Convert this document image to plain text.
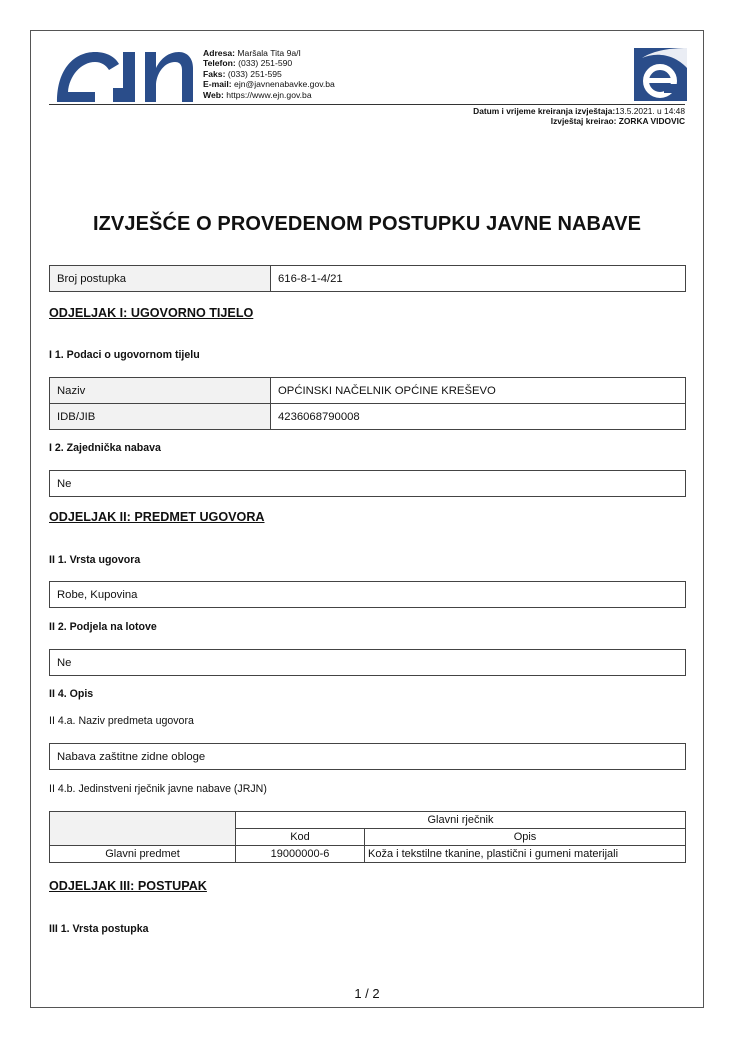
Adresa: Maršala Tita 9a/I
Telefon: (033) 251-590
Faks: (033) 251-595
E-mail: ejn@javnenabavke.gov.ba
Web: https://www.ejn.gov.ba
Datum i vrijeme kreiranja izvještaja:13.5.2021. u 14:48
Izvještaj kreirao: ZORKA VIDOVIC
IZVJEŠĆE O PROVEDENOM POSTUPKU JAVNE NABAVE
Broj postupka	616-8-1-4/21
ODJELJAK I: UGOVORNO TIJELO
I 1. Podaci o ugovornom tijelu
Naziv	OPĆINSKI NAČELNIK OPĆINE KREŠEVO
IDB/JIB	4236068790008
I 2. Zajednička nabava
Ne
ODJELJAK II: PREDMET UGOVORA
II 1. Vrsta ugovora
Robe, Kupovina
II 2. Podjela na lotove
Ne
II 4. Opis
II 4.a. Naziv predmeta ugovora
Nabava zaštitne zidne obloge
II 4.b. Jedinstveni rječnik javne nabave (JRJN)
	Glavni rječnik	
	Kod	Opis
Glavni predmet	19000000-6	Koža i tekstilne tkanine, plastični i gumeni materijali
ODJELJAK III: POSTUPAK
III 1. Vrsta postupka
1 / 2
